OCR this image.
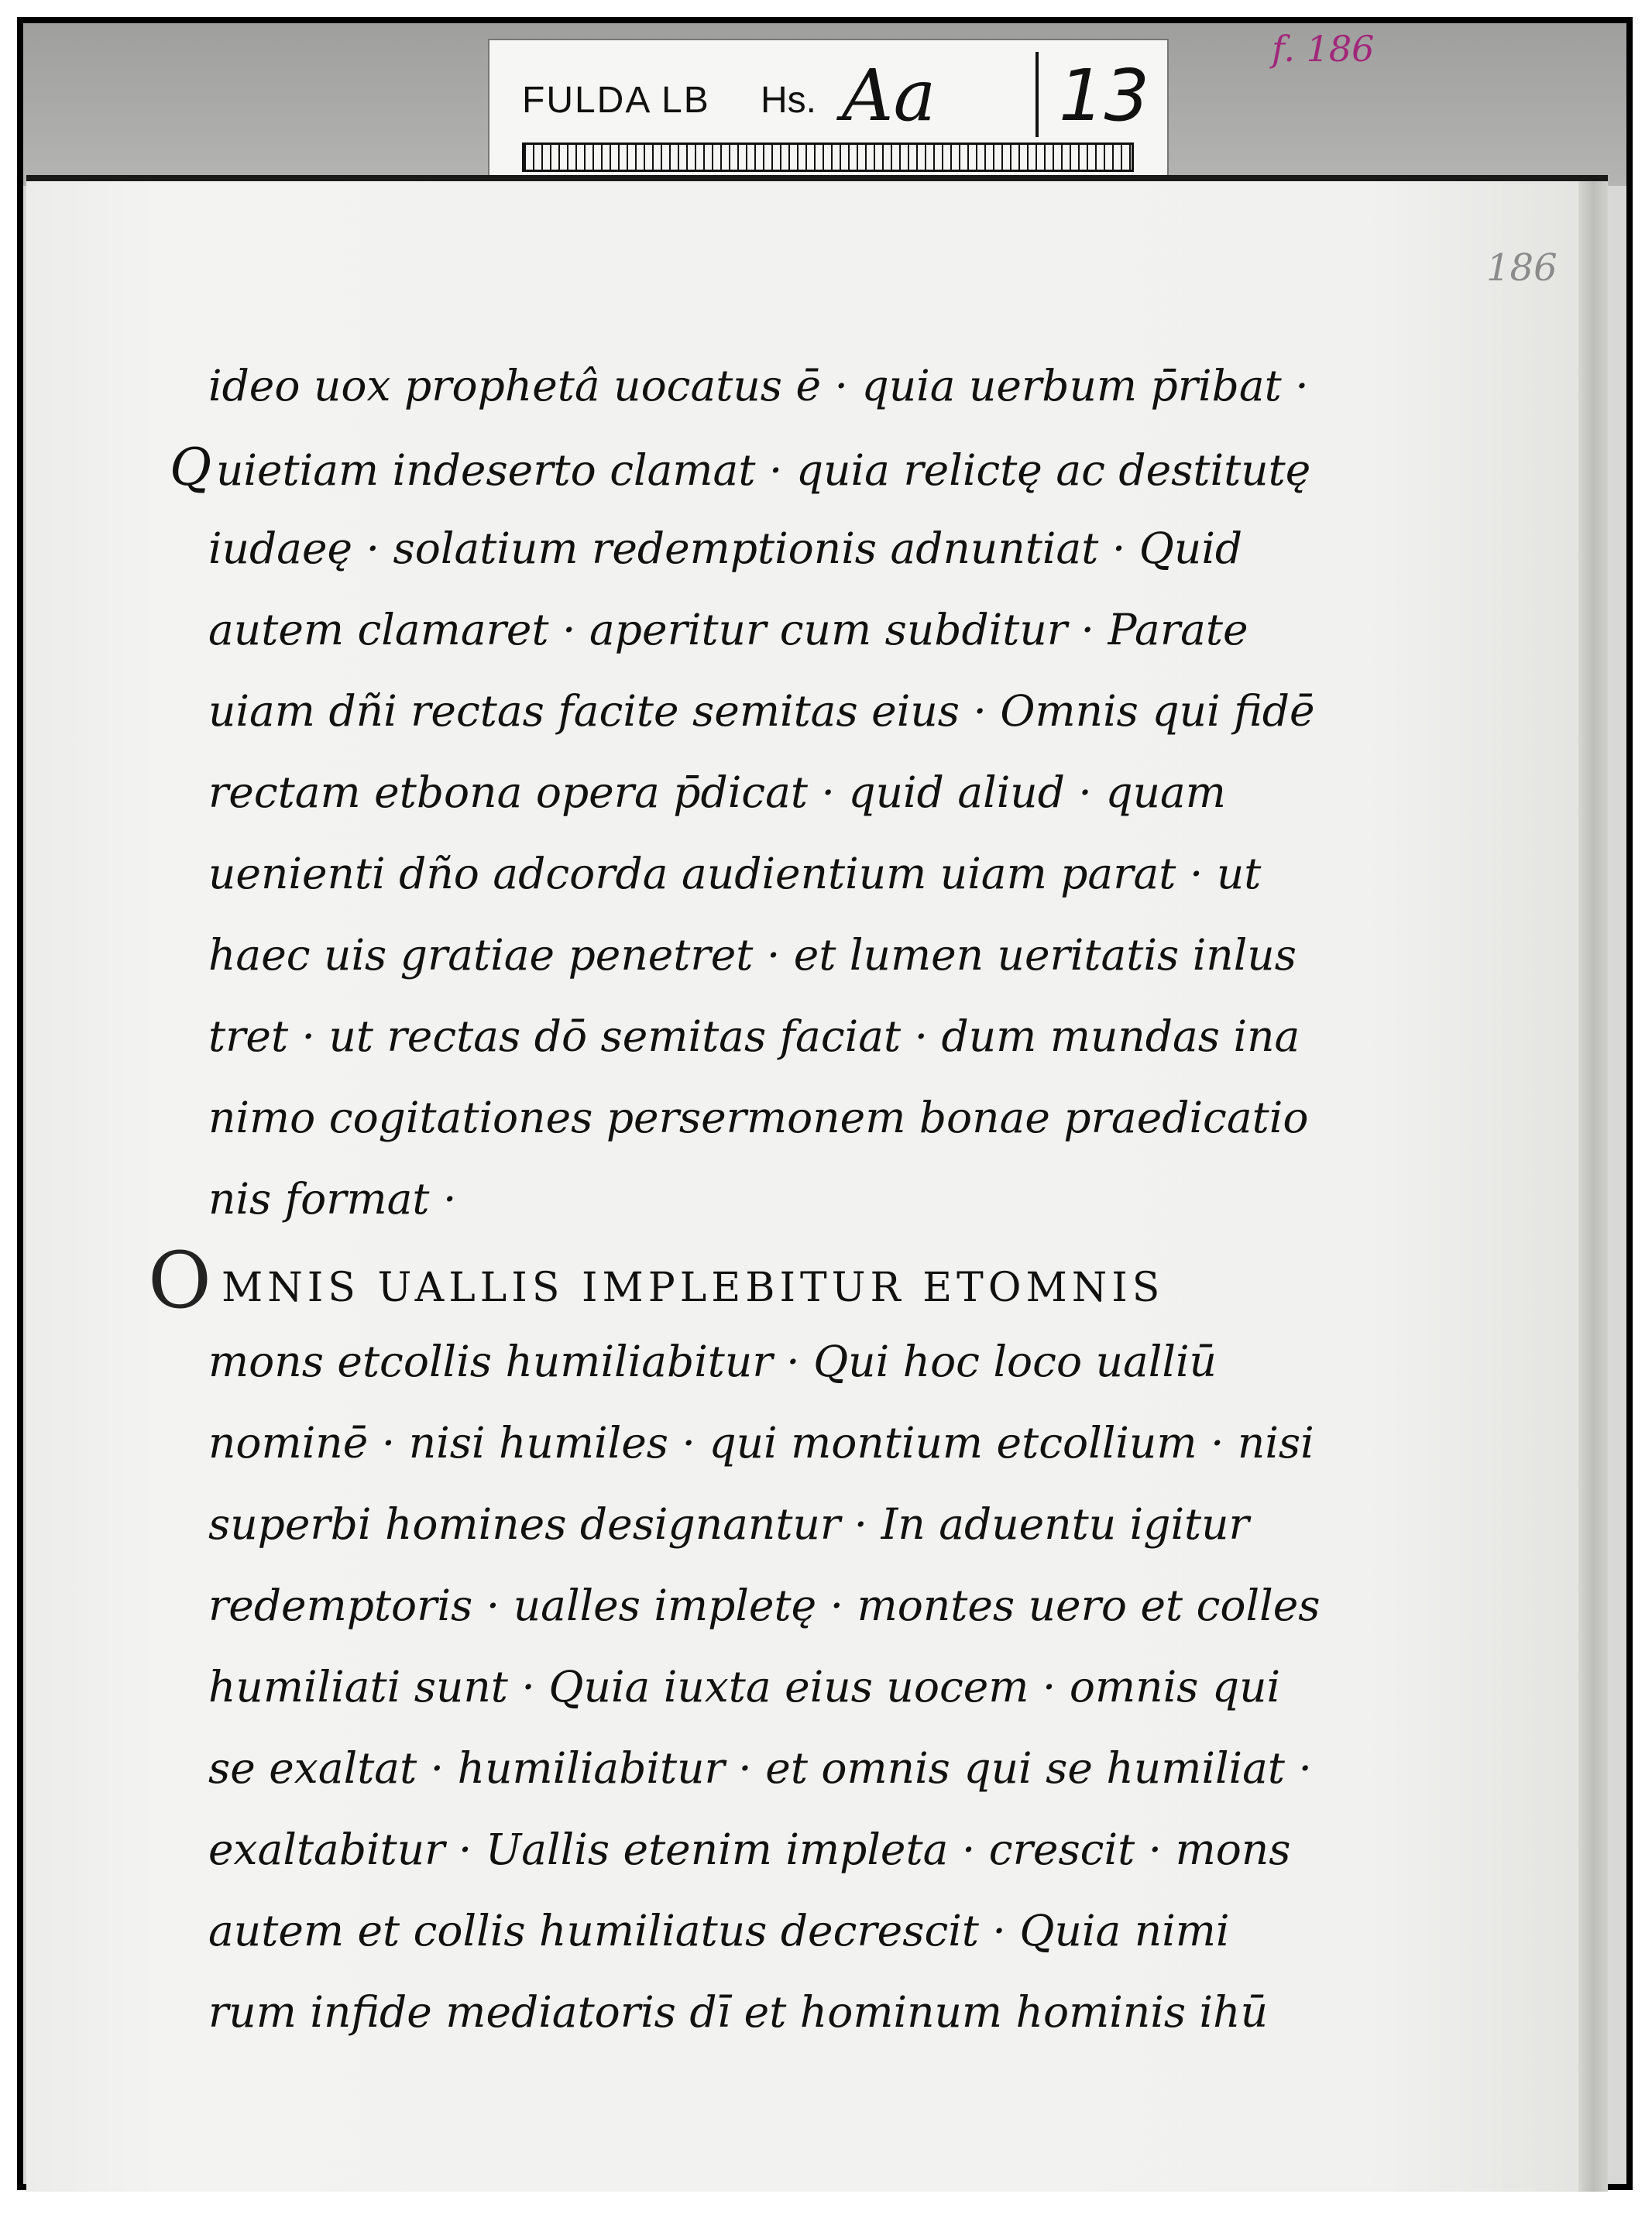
FULDA LB Hs. Aa 13
f. 186
186
ideo uox prophetâ uocatus ē · quia uerbum p̄ribat ·
Q uietiam indeserto clamat · quia relictę ac destitutę
iudaeę · solatium redemptionis adnuntiat · Quid
autem clamaret · aperitur cum subditur · Parate
uiam dñi rectas facite semitas eius · Omnis qui fidē
rectam etbona opera p̄dicat · quid aliud · quam
uenienti dño adcorda audientium uiam parat · ut
haec uis gratiae penetret · et lumen ueritatis inlus
tret · ut rectas dō semitas faciat · dum mundas ina
nimo cogitationes persermonem bonae praedicatio
nis format ·
OMNIS UALLIS IMPLEBITUR ETOMNIS
mons etcollis humiliabitur · Qui hoc loco ualliū
nominē · nisi humiles · qui montium etcollium · nisi
superbi homines designantur · In aduentu igitur
redemptoris · ualles impletę · montes uero et colles
humiliati sunt · Quia iuxta eius uocem · omnis qui
se exaltat · humiliabitur · et omnis qui se humiliat ·
exaltabitur · Uallis etenim impleta · crescit · mons
autem et collis humiliatus decrescit · Quia nimi
rum infide mediatoris dī et hominum hominis ihū
